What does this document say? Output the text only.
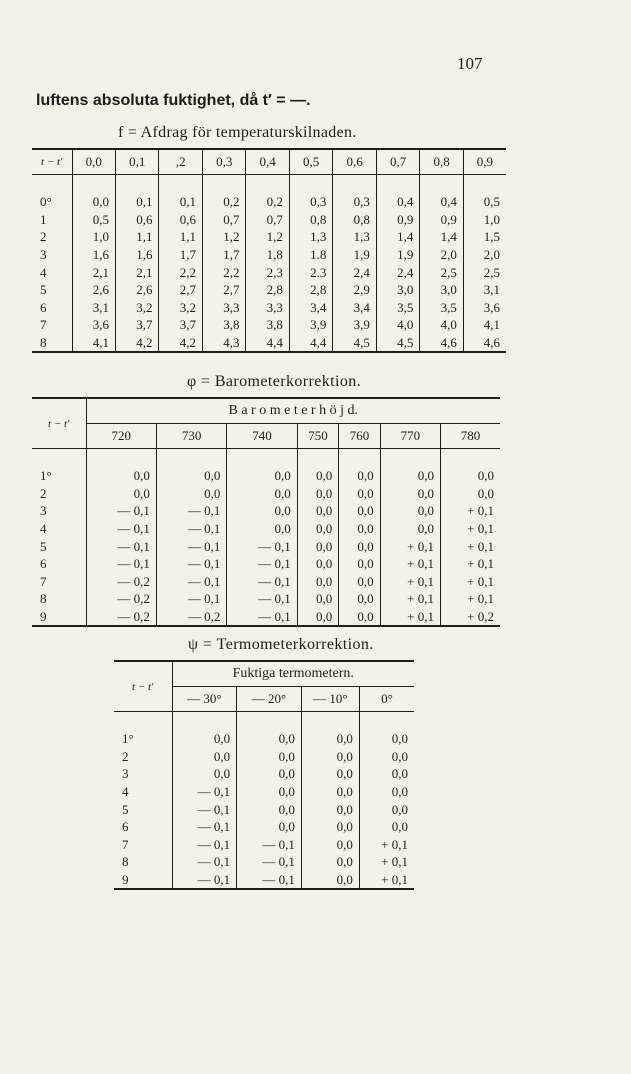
107
luftens absoluta fuktighet, då t′ = —.
f = Afdrag för temperaturskilnaden.
t − t′	0,0	0,1	,2	0,3	0,4	0,5	0,6	0,7	0,8	0,9

0°	0,0	0,1	0,1	0,2	0,2	0,3	0,3	0,4	0,4	0,5
1	0,5	0,6	0,6	0,7	0,7	0,8	0,8	0,9	0,9	1,0
2	1,0	1,1	1,1	1,2	1,2	1,3	1,3	1,4	1,4	1,5
3	1,6	1,6	1,7	1,7	1,8	1.8	1,9	1,9	2,0	2,0
4	2,1	2,1	2,2	2,2	2,3	2.3	2,4	2,4	2,5	2,5
5	2,6	2,6	2,7	2,7	2,8	2,8	2,9	3,0	3,0	3,1
6	3,1	3,2	3,2	3,3	3,3	3,4	3,4	3,5	3,5	3,6
7	3,6	3,7	3,7	3,8	3,8	3,9	3,9	4,0	4,0	4,1
8	4,1	4,2	4,2	4,3	4,4	4,4	4,5	4,5	4,6	4,6
φ = Barometerkorrektion.
t − t′	B a r o m e t e r h ö j d.						
	720	730	740	750	760	770	780

1°	0,0	0,0	0,0	0,0	0,0	0,0	0,0
2	0,0	0,0	0,0	0,0	0,0	0,0	0,0
3	— 0,1	— 0,1	0,0	0,0	0,0	0,0	+ 0,1
4	— 0,1	— 0,1	0,0	0,0	0,0	0,0	+ 0,1
5	— 0,1	— 0,1	— 0,1	0,0	0,0	+ 0,1	+ 0,1
6	— 0,1	— 0,1	— 0,1	0,0	0,0	+ 0,1	+ 0,1
7	— 0,2	— 0,1	— 0,1	0,0	0,0	+ 0,1	+ 0,1
8	— 0,2	— 0,1	— 0,1	0,0	0,0	+ 0,1	+ 0,1
9	— 0,2	— 0,2	— 0,1	0,0	0,0	+ 0,1	+ 0,2
ψ = Termometerkorrektion.
t − t′	Fuktiga termometern.			
	— 30°	— 20°	— 10°	0°

1°	0,0	0,0	0,0	0,0
2	0,0	0,0	0,0	0,0
3	0,0	0,0	0,0	0,0
4	— 0,1	0,0	0,0	0,0
5	— 0,1	0,0	0,0	0,0
6	— 0,1	0,0	0,0	0,0
7	— 0,1	— 0,1	0,0	+ 0,1
8	— 0,1	— 0,1	0,0	+ 0,1
9	— 0,1	— 0,1	0,0	+ 0,1
